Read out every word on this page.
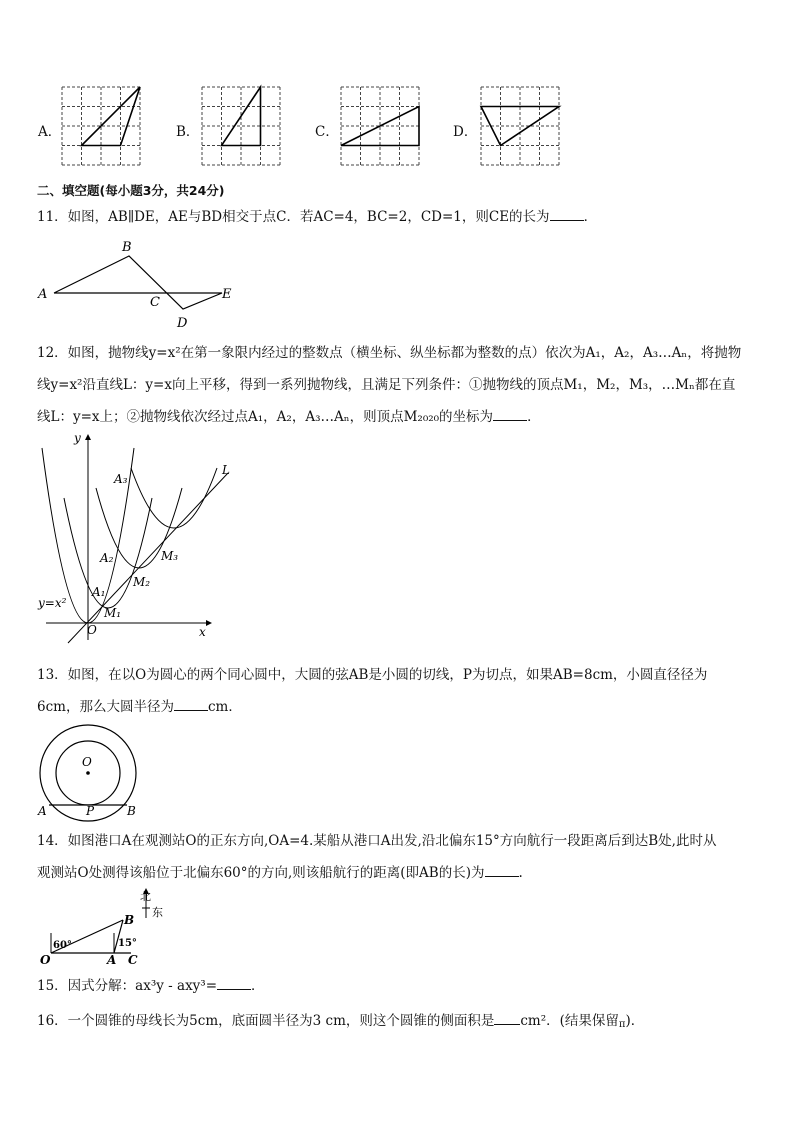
A．	B．	C．	D．
二、填空题(每小题3分，共24分)
11．如图，AB∥DE，AE与BD相交于点C．若AC=4，BC=2，CD=1，则CE的长为	．
A
B
C
D
E
12．如图，抛物线y=x²在第一象限内经过的整数点（横坐标、纵坐标都为整数的点）依次为A₁，A₂，A₃…Aₙ，将抛物
线y=x²沿直线L：y=x向上平移，得到一系列抛物线，且满足下列条件：①抛物线的顶点M₁，M₂，M₃，…Mₙ都在直
线L：y=x上；②抛物线依次经过点A₁，A₂，A₃…Aₙ，则顶点M₂₀₂₀的坐标为	．
y
x
O
L
y=x²
A₁
A₂
A₃
M₁
M₂
M₃
13．如图，在以O为圆心的两个同心圆中，大圆的弦AB是小圆的切线，P为切点，如果AB=8cm，小圆直径径为
6cm，那么大圆半径为	cm．
O
A	P	B
14．如图港口A在观测站O的正东方向,OA=4.某船从港口A出发,沿北偏东15°方向航行一段距离后到达B处,此时从
观测站O处测得该船位于北偏东60°的方向,则该船航行的距离(即AB的长)为	.
北
东
O	A
B
C
60°	15°
15．因式分解：ax³y - axy³=	．
16．一个圆锥的母线长为5cm，底面圆半径为3 cm，则这个圆锥的侧面积是 cm²．(结果保留π)．
